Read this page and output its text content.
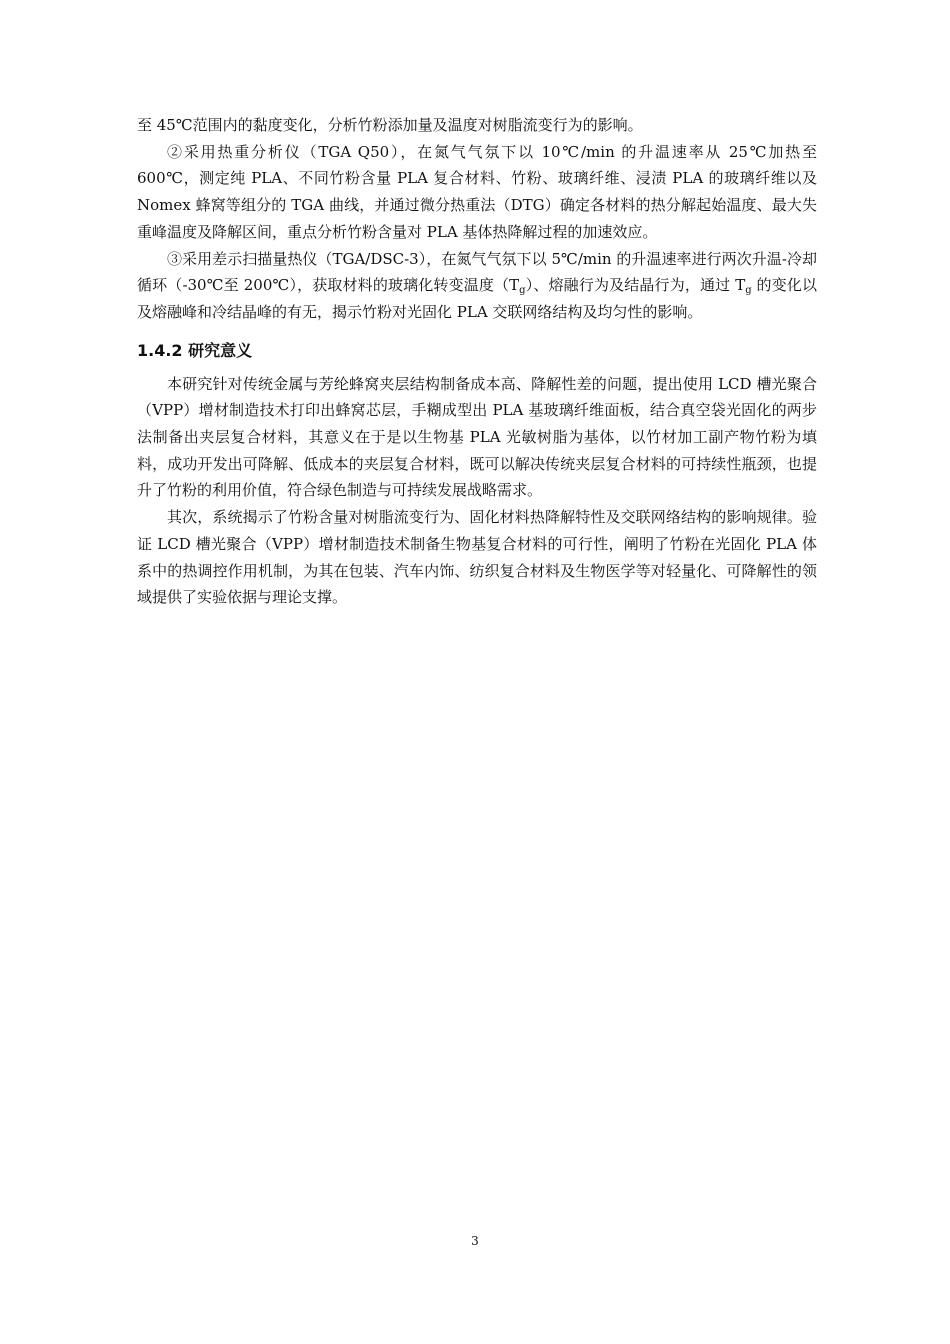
至 45℃范围内的黏度变化，分析竹粉添加量及温度对树脂流变行为的影响。

②采用热重分析仪（TGA Q50），在氮气气氛下以 10℃/min 的升温速率从 25℃加热至 600℃，测定纯 PLA、不同竹粉含量 PLA 复合材料、竹粉、玻璃纤维、浸渍 PLA 的玻璃纤维以及 Nomex 蜂窝等组分的 TGA 曲线，并通过微分热重法（DTG）确定各材料的热分解起始温度、最大失重峰温度及降解区间，重点分析竹粉含量对 PLA 基体热降解过程的加速效应。

③采用差示扫描量热仪（TGA/DSC-3），在氮气气氛下以 5℃/min 的升温速率进行两次升温-冷却循环（-30℃至 200℃），获取材料的玻璃化转变温度$(T_g)$、熔融行为及结晶行为，通过 $T_g$ 的变化以及熔融峰和冷结晶峰的有无，揭示竹粉对光固化 PLA 交联网络结构及均匀性的影响。

1.4.2 研究意义

本研究针对传统金属与芳纶蜂窝夹层结构制备成本高、降解性差的问题，提出使用 LCD 槽光聚合（VPP）增材制造技术打印出蜂窝芯层，手糊成型出 PLA 基玻璃纤维面板，结合真空袋光固化的两步法制备出夹层复合材料，其意义在于是以生物基 PLA 光敏树脂为基体，以竹材加工副产物竹粉为填料，成功开发出可降解、低成本的夹层复合材料，既可以解决传统夹层复合材料的可持续性瓶颈，也提升了竹粉的利用价值，符合绿色制造与可持续发展战略需求。

其次，系统揭示了竹粉含量对树脂流变行为、固化材料热降解特性及交联网络结构的影响规律。验证 LCD 槽光聚合（VPP）增材制造技术制备生物基复合材料的可行性，阐明了竹粉在光固化 PLA 体系中的热调控作用机制，为其在包装、汽车内饰、纺织复合材料及生物医学等对轻量化、可降解性的领域提供了实验依据与理论支撑。

3
